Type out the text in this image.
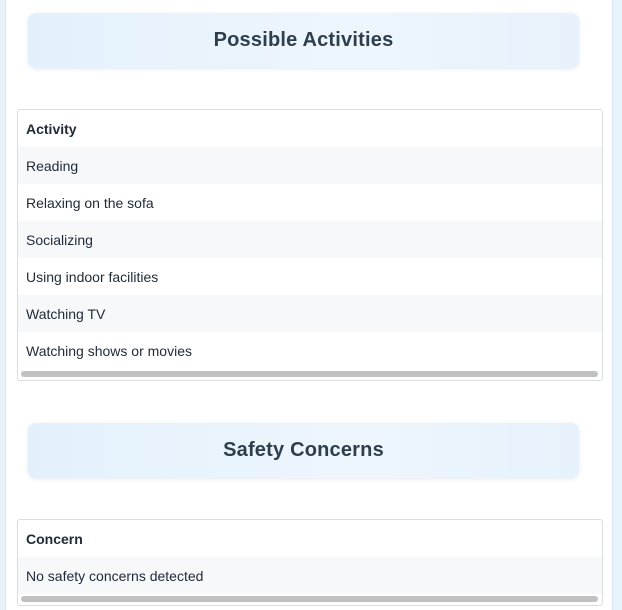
Possible Activities
Activity
Reading
Relaxing on the sofa
Socializing
Using indoor facilities
Watching TV
Watching shows or movies
Safety Concerns
Concern
No safety concerns detected
